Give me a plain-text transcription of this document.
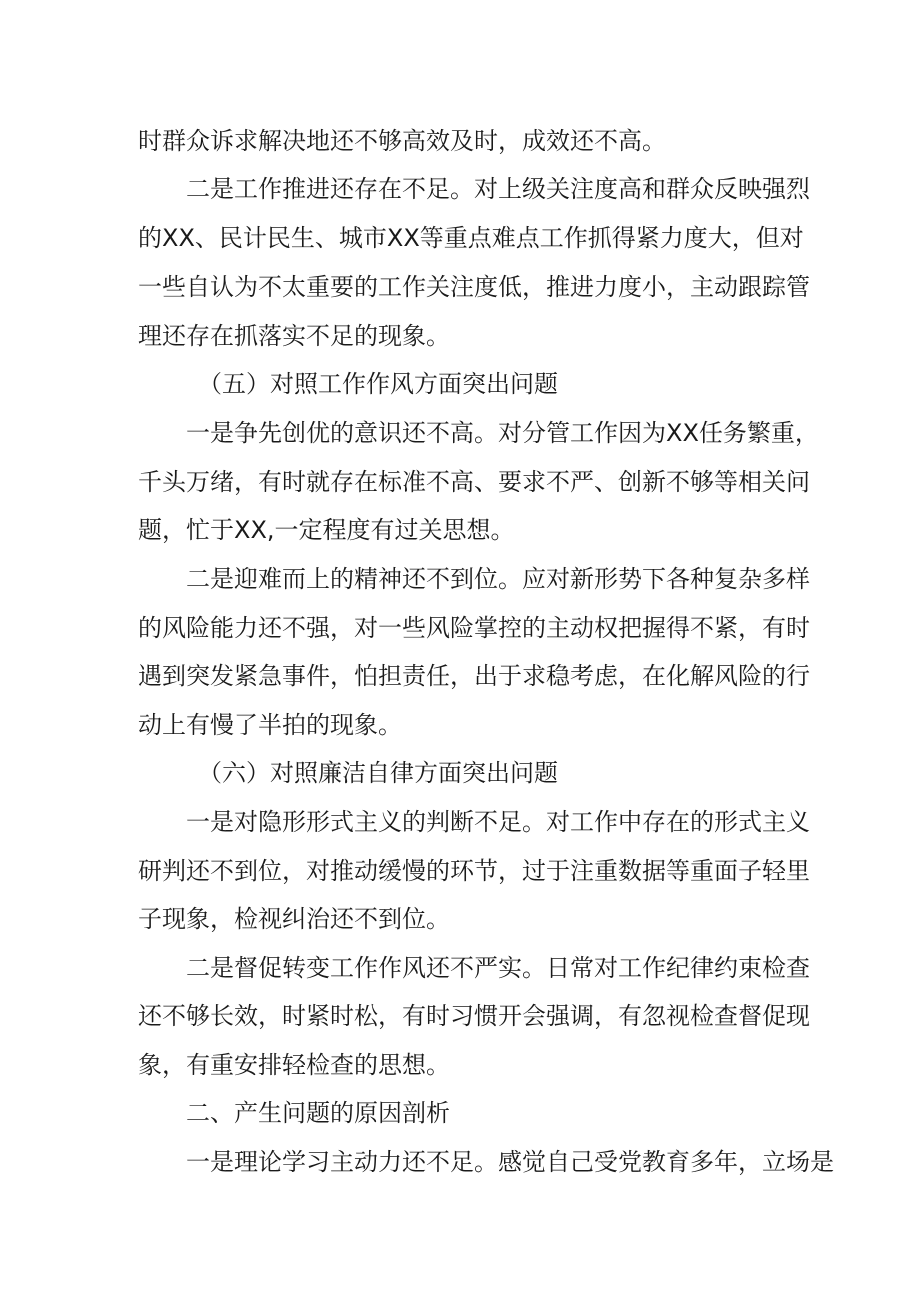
时群众诉求解决地还不够高效及时，成效还不高。
二是工作推进还存在不足。对上级关注度高和群众反映强烈
的XX、民计民生、城市XX等重点难点工作抓得紧力度大，但对
一些自认为不太重要的工作关注度低，推进力度小，主动跟踪管
理还存在抓落实不足的现象。
（五）对照工作作风方面突出问题
一是争先创优的意识还不高。对分管工作因为XX任务繁重，
千头万绪，有时就存在标准不高、要求不严、创新不够等相关问
题，忙于XX,一定程度有过关思想。
二是迎难而上的精神还不到位。应对新形势下各种复杂多样
的风险能力还不强，对一些风险掌控的主动权把握得不紧，有时
遇到突发紧急事件，怕担责任，出于求稳考虑，在化解风险的行
动上有慢了半拍的现象。
（六）对照廉洁自律方面突出问题
一是对隐形形式主义的判断不足。对工作中存在的形式主义
研判还不到位，对推动缓慢的环节，过于注重数据等重面子轻里
子现象，检视纠治还不到位。
二是督促转变工作作风还不严实。日常对工作纪律约束检查
还不够长效，时紧时松，有时习惯开会强调，有忽视检查督促现
象，有重安排轻检查的思想。
二、产生问题的原因剖析
一是理论学习主动力还不足。感觉自己受党教育多年，立场是
